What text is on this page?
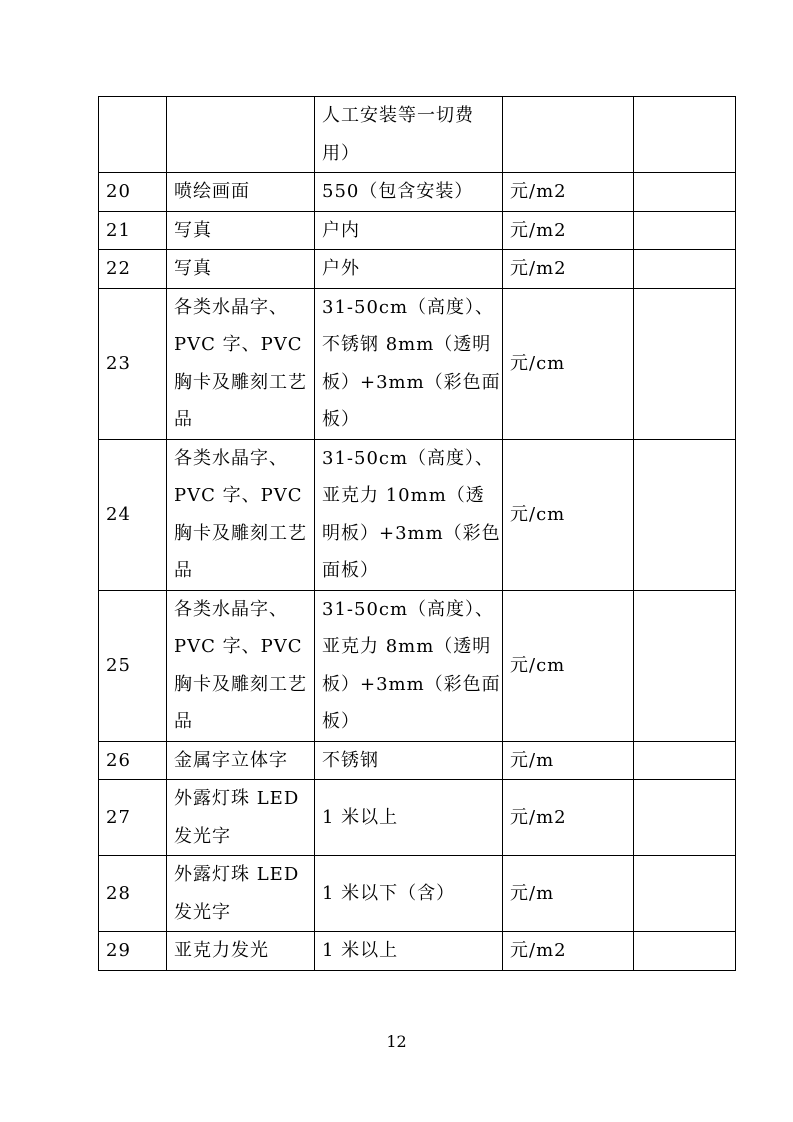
		人工安装等一切费用）		

20	喷绘画面	550（包含安装）	元/m2	

21	写真	户内	元/m2	

22	写真	户外	元/m2	

23	各类水晶字、PVC 字、PVC 胸卡及雕刻工艺品	31-50cm（高度）、不锈钢 8mm（透明板）+3mm（彩色面板）	元/cm	

24	各类水晶字、PVC 字、PVC 胸卡及雕刻工艺品	31-50cm（高度）、亚克力 10mm（透明板）+3mm（彩色面板）	元/cm	

25	各类水晶字、PVC 字、PVC 胸卡及雕刻工艺品	31-50cm（高度）、亚克力 8mm（透明板）+3mm（彩色面板）	元/cm	

26	金属字立体字	不锈钢	元/m	

27	外露灯珠 LED 发光字	1 米以上	元/m2	

28	外露灯珠 LED 发光字	1 米以下（含）	元/m	

29	亚克力发光	1 米以上	元/m2	

12
